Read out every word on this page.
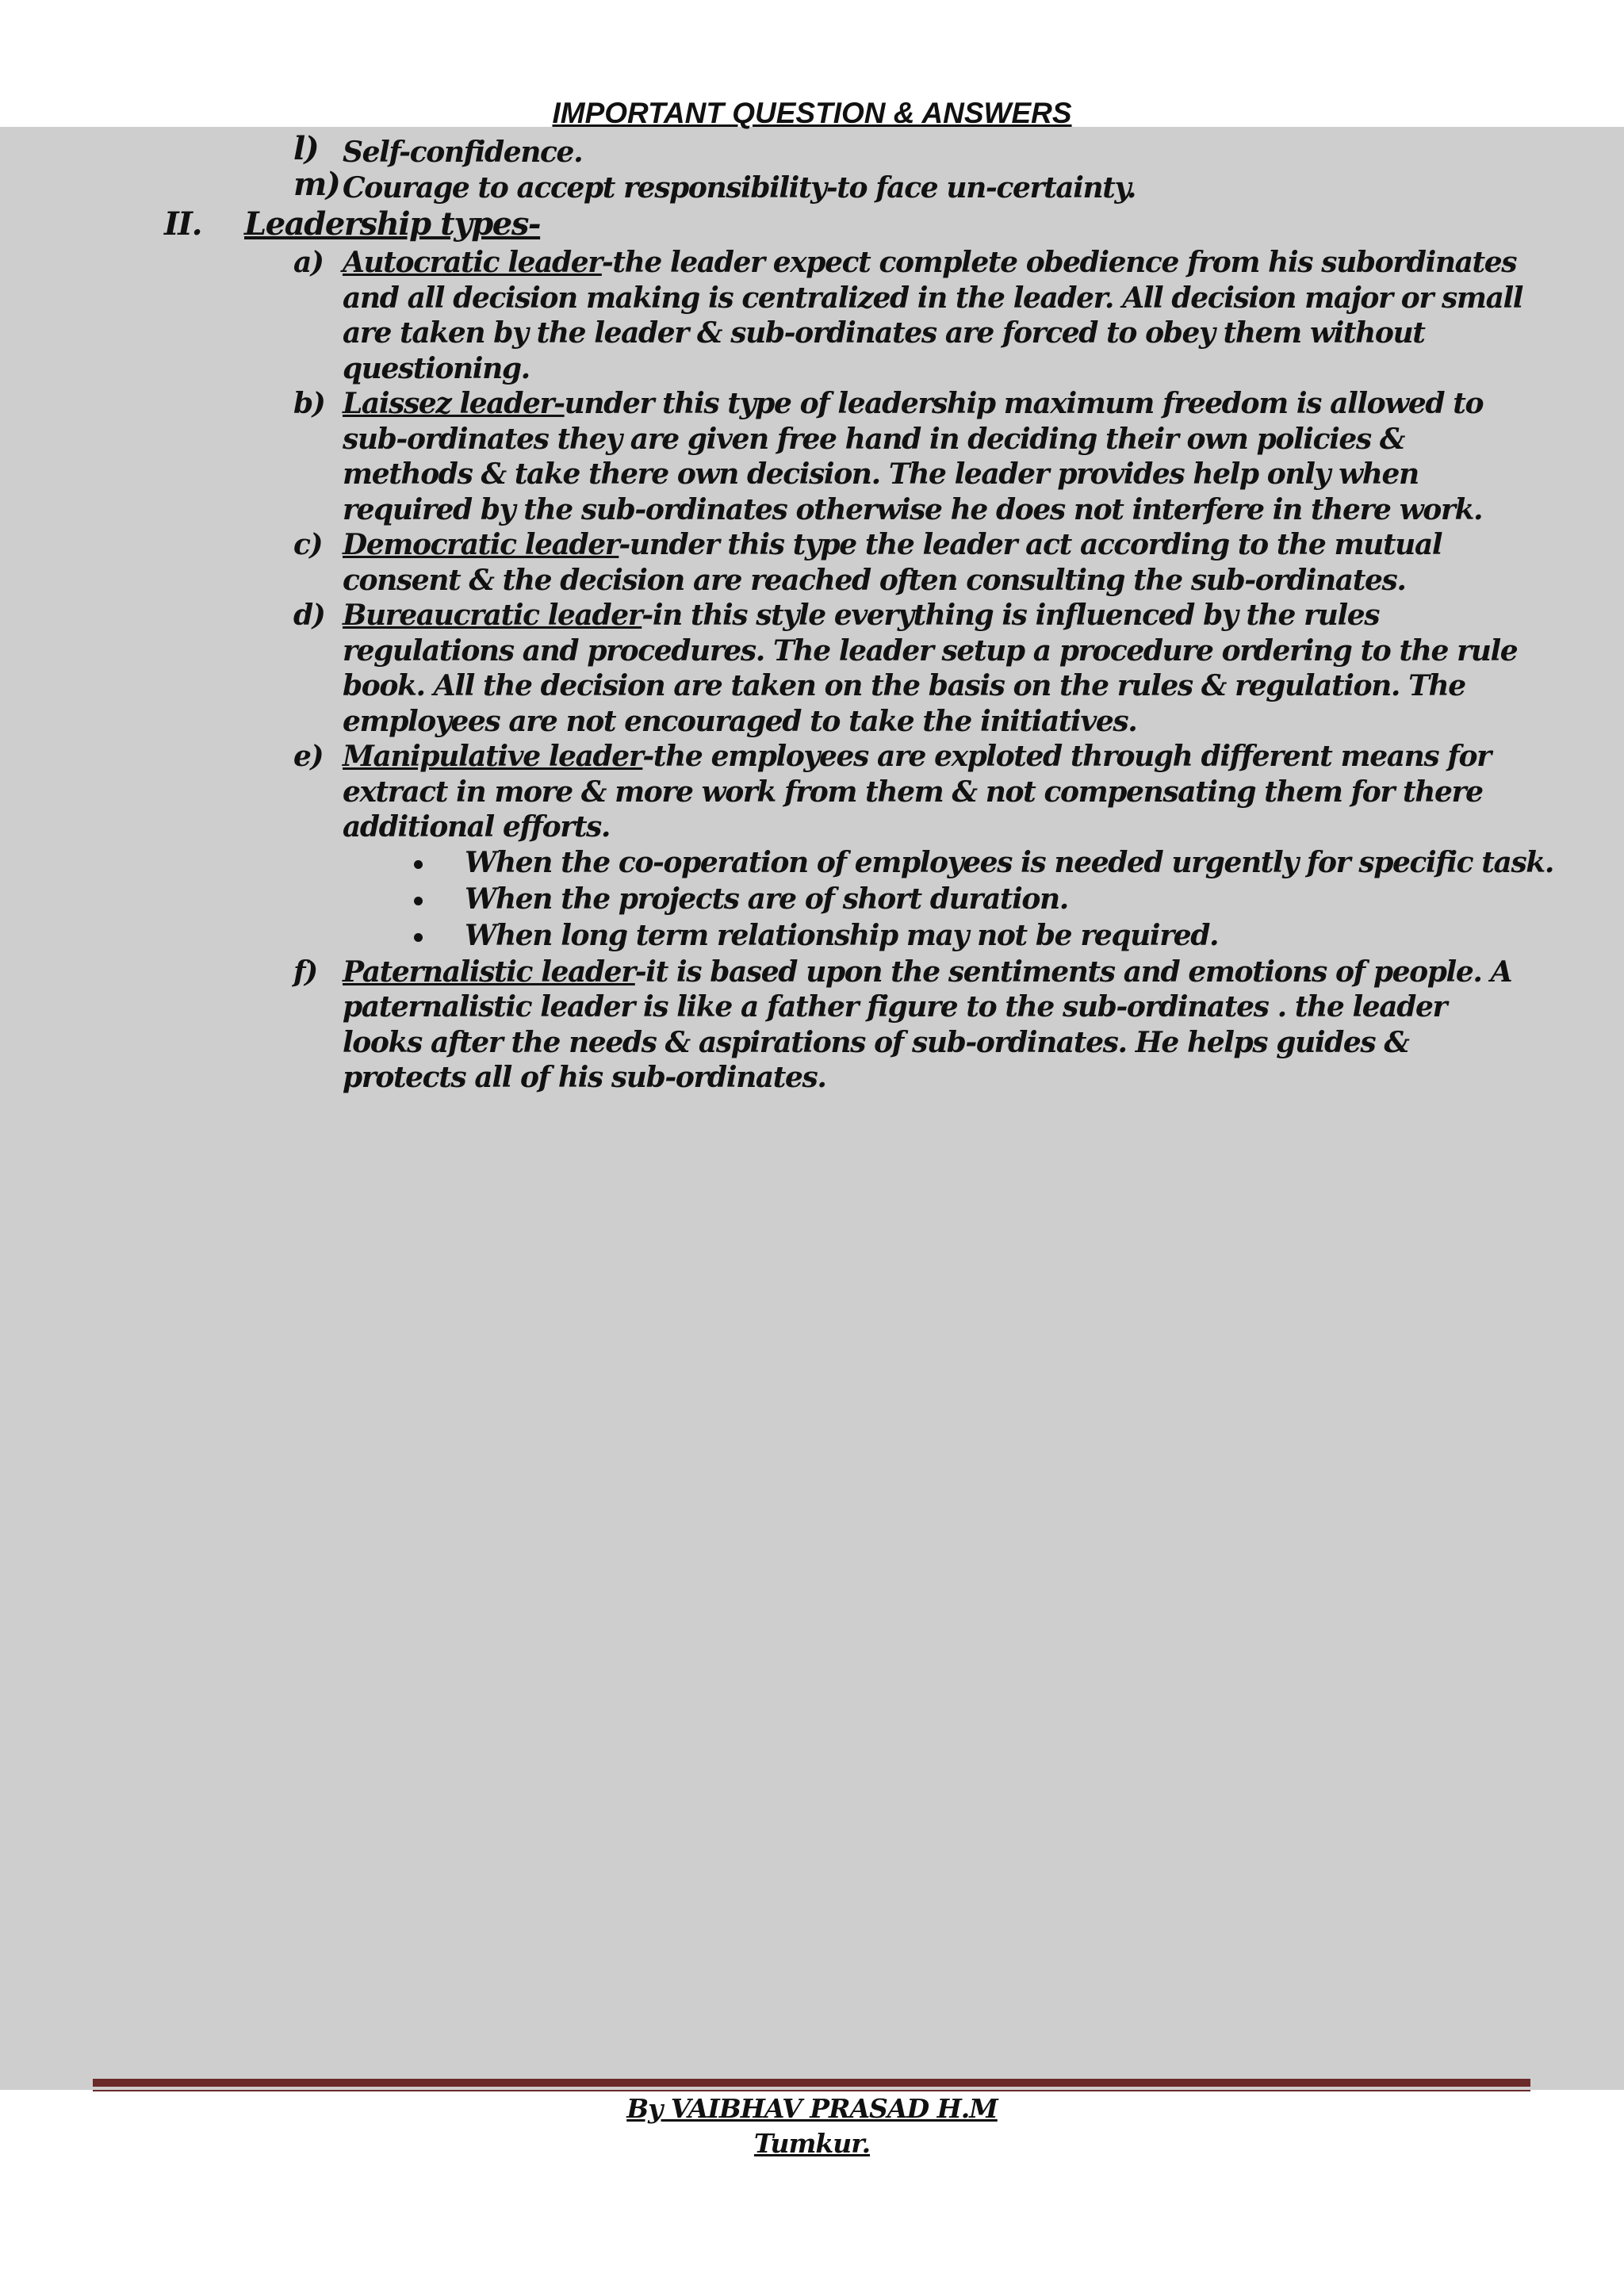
IMPORTANT QUESTION & ANSWERS
l) Self-confidence.
m) Courage to accept responsibility-to face un-certainty.
II. Leadership types-
a) Autocratic leader-the leader expect complete obedience from his subordinates and all decision making is centralized in the leader. All decision major or small are taken by the leader & sub-ordinates are forced to obey them without questioning.
b) Laissez leader-under this type of leadership maximum freedom is allowed to sub-ordinates they are given free hand in deciding their own policies & methods & take there own decision. The leader provides help only when required by the sub-ordinates otherwise he does not interfere in there work.
c) Democratic leader-under this type the leader act according to the mutual consent & the decision are reached often consulting the sub-ordinates.
d) Bureaucratic leader-in this style everything is influenced by the rules regulations and procedures. The leader setup a procedure ordering to the rule book. All the decision are taken on the basis on the rules & regulation. The employees are not encouraged to take the initiatives.
e) Manipulative leader-the employees are exploted through different means for extract in more & more work from them & not compensating them for there additional efforts.
When the co-operation of employees is needed urgently for specific task.
When the projects are of short duration.
When long term relationship may not be required.
f) Paternalistic leader-it is based upon the sentiments and emotions of people. A paternalistic leader is like a father figure to the sub-ordinates . the leader looks after the needs & aspirations of sub-ordinates. He helps guides & protects all of his sub-ordinates.
By VAIBHAV PRASAD H.M
Tumkur.
